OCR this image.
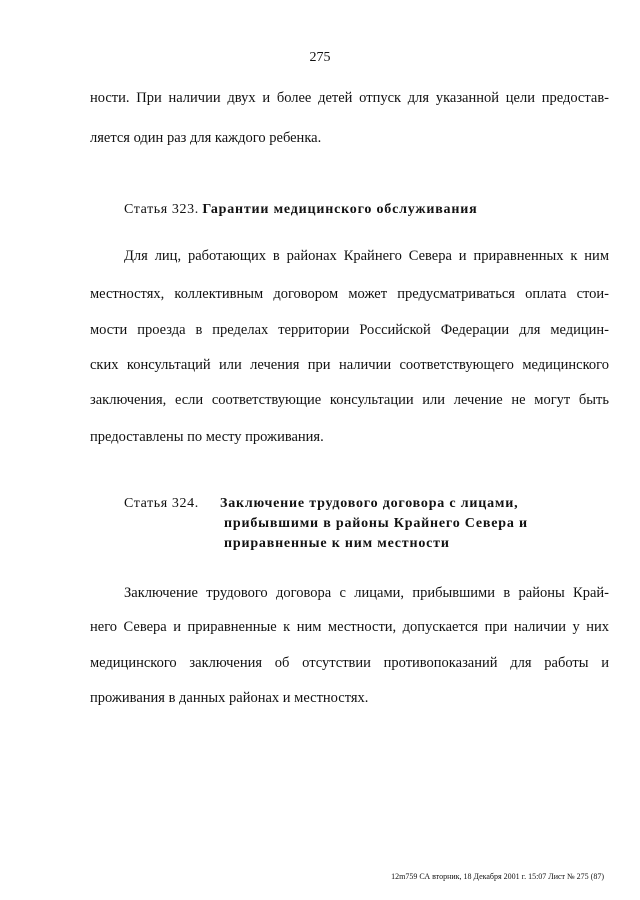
275
ности. При наличии двух и более детей отпуск для указанной цели предостав-
ляется один раз для каждого ребенка.
Статья 323. Гарантии медицинского обслуживания
Для лиц, работающих в районах Крайнего Севера и приравненных к ним
местностях, коллективным договором может предусматриваться оплата стои-
мости проезда в пределах территории Российской Федерации для медицин-
ских консультаций или лечения при наличии соответствующего медицинского
заключения, если соответствующие консультации или лечение не могут быть
предоставлены по месту проживания.
Статья 324. Заключение трудового договора с лицами,
прибывшими в районы Крайнего Севера и
приравненные к ним местности
Заключение трудового договора с лицами, прибывшими в районы Край-
него Севера и приравненные к ним местности, допускается при наличии у них
медицинского заключения об отсутствии противопоказаний для работы и
проживания в данных районах и местностях.
12m759 СА вторник, 18 Декабря 2001 г. 15:07 Лист № 275 (87)
